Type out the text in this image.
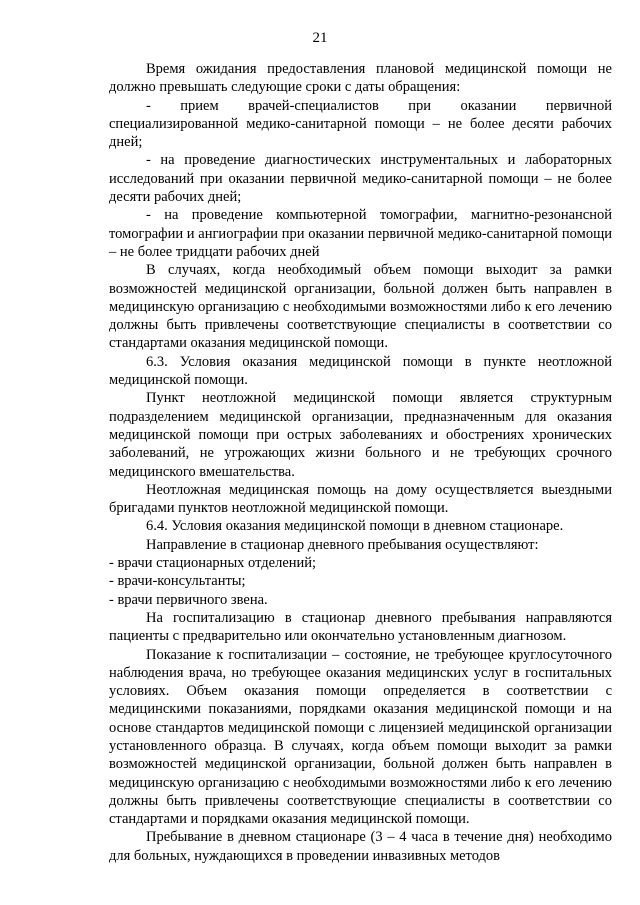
21

Время ожидания предоставления плановой медицинской помощи не должно превышать следующие сроки с даты обращения:

- прием врачей-специалистов при оказании первичной специализированной медико-санитарной помощи – не более десяти рабочих дней;

- на проведение диагностических инструментальных и лабораторных исследований при оказании первичной медико-санитарной помощи – не более десяти рабочих дней;

- на проведение компьютерной томографии, магнитно-резонансной томографии и ангиографии при оказании первичной медико-санитарной помощи – не более тридцати рабочих дней

В случаях, когда необходимый объем помощи выходит за рамки возможностей медицинской организации, больной должен быть направлен в медицинскую организацию с необходимыми возможностями либо к его лечению должны быть привлечены соответствующие специалисты в соответствии со стандартами оказания медицинской помощи.

6.3. Условия оказания медицинской помощи в пункте неотложной медицинской помощи.

Пункт неотложной медицинской помощи является структурным подразделением медицинской организации, предназначенным для оказания медицинской помощи при острых заболеваниях и обострениях хронических заболеваний, не угрожающих жизни больного и не требующих срочного медицинского вмешательства.

Неотложная медицинская помощь на дому осуществляется выездными бригадами пунктов неотложной медицинской помощи.

6.4. Условия оказания медицинской помощи в дневном стационаре.

Направление в стационар дневного пребывания осуществляют:

- врачи стационарных отделений;

- врачи-консультанты;

- врачи первичного звена.

На госпитализацию в стационар дневного пребывания направляются пациенты с предварительно или окончательно установленным диагнозом.

Показание к госпитализации – состояние, не требующее круглосуточного наблюдения врача, но требующее оказания медицинских услуг в госпитальных условиях. Объем оказания помощи определяется в соответствии с медицинскими показаниями, порядками оказания медицинской помощи и на основе стандартов медицинской помощи с лицензией медицинской организации установленного образца. В случаях, когда объем помощи выходит за рамки возможностей медицинской организации, больной должен быть направлен в медицинскую организацию с необходимыми возможностями либо к его лечению должны быть привлечены соответствующие специалисты в соответствии со стандартами и порядками оказания медицинской помощи.

Пребывание в дневном стационаре (3 – 4 часа в течение дня) необходимо для больных, нуждающихся в проведении инвазивных методов
